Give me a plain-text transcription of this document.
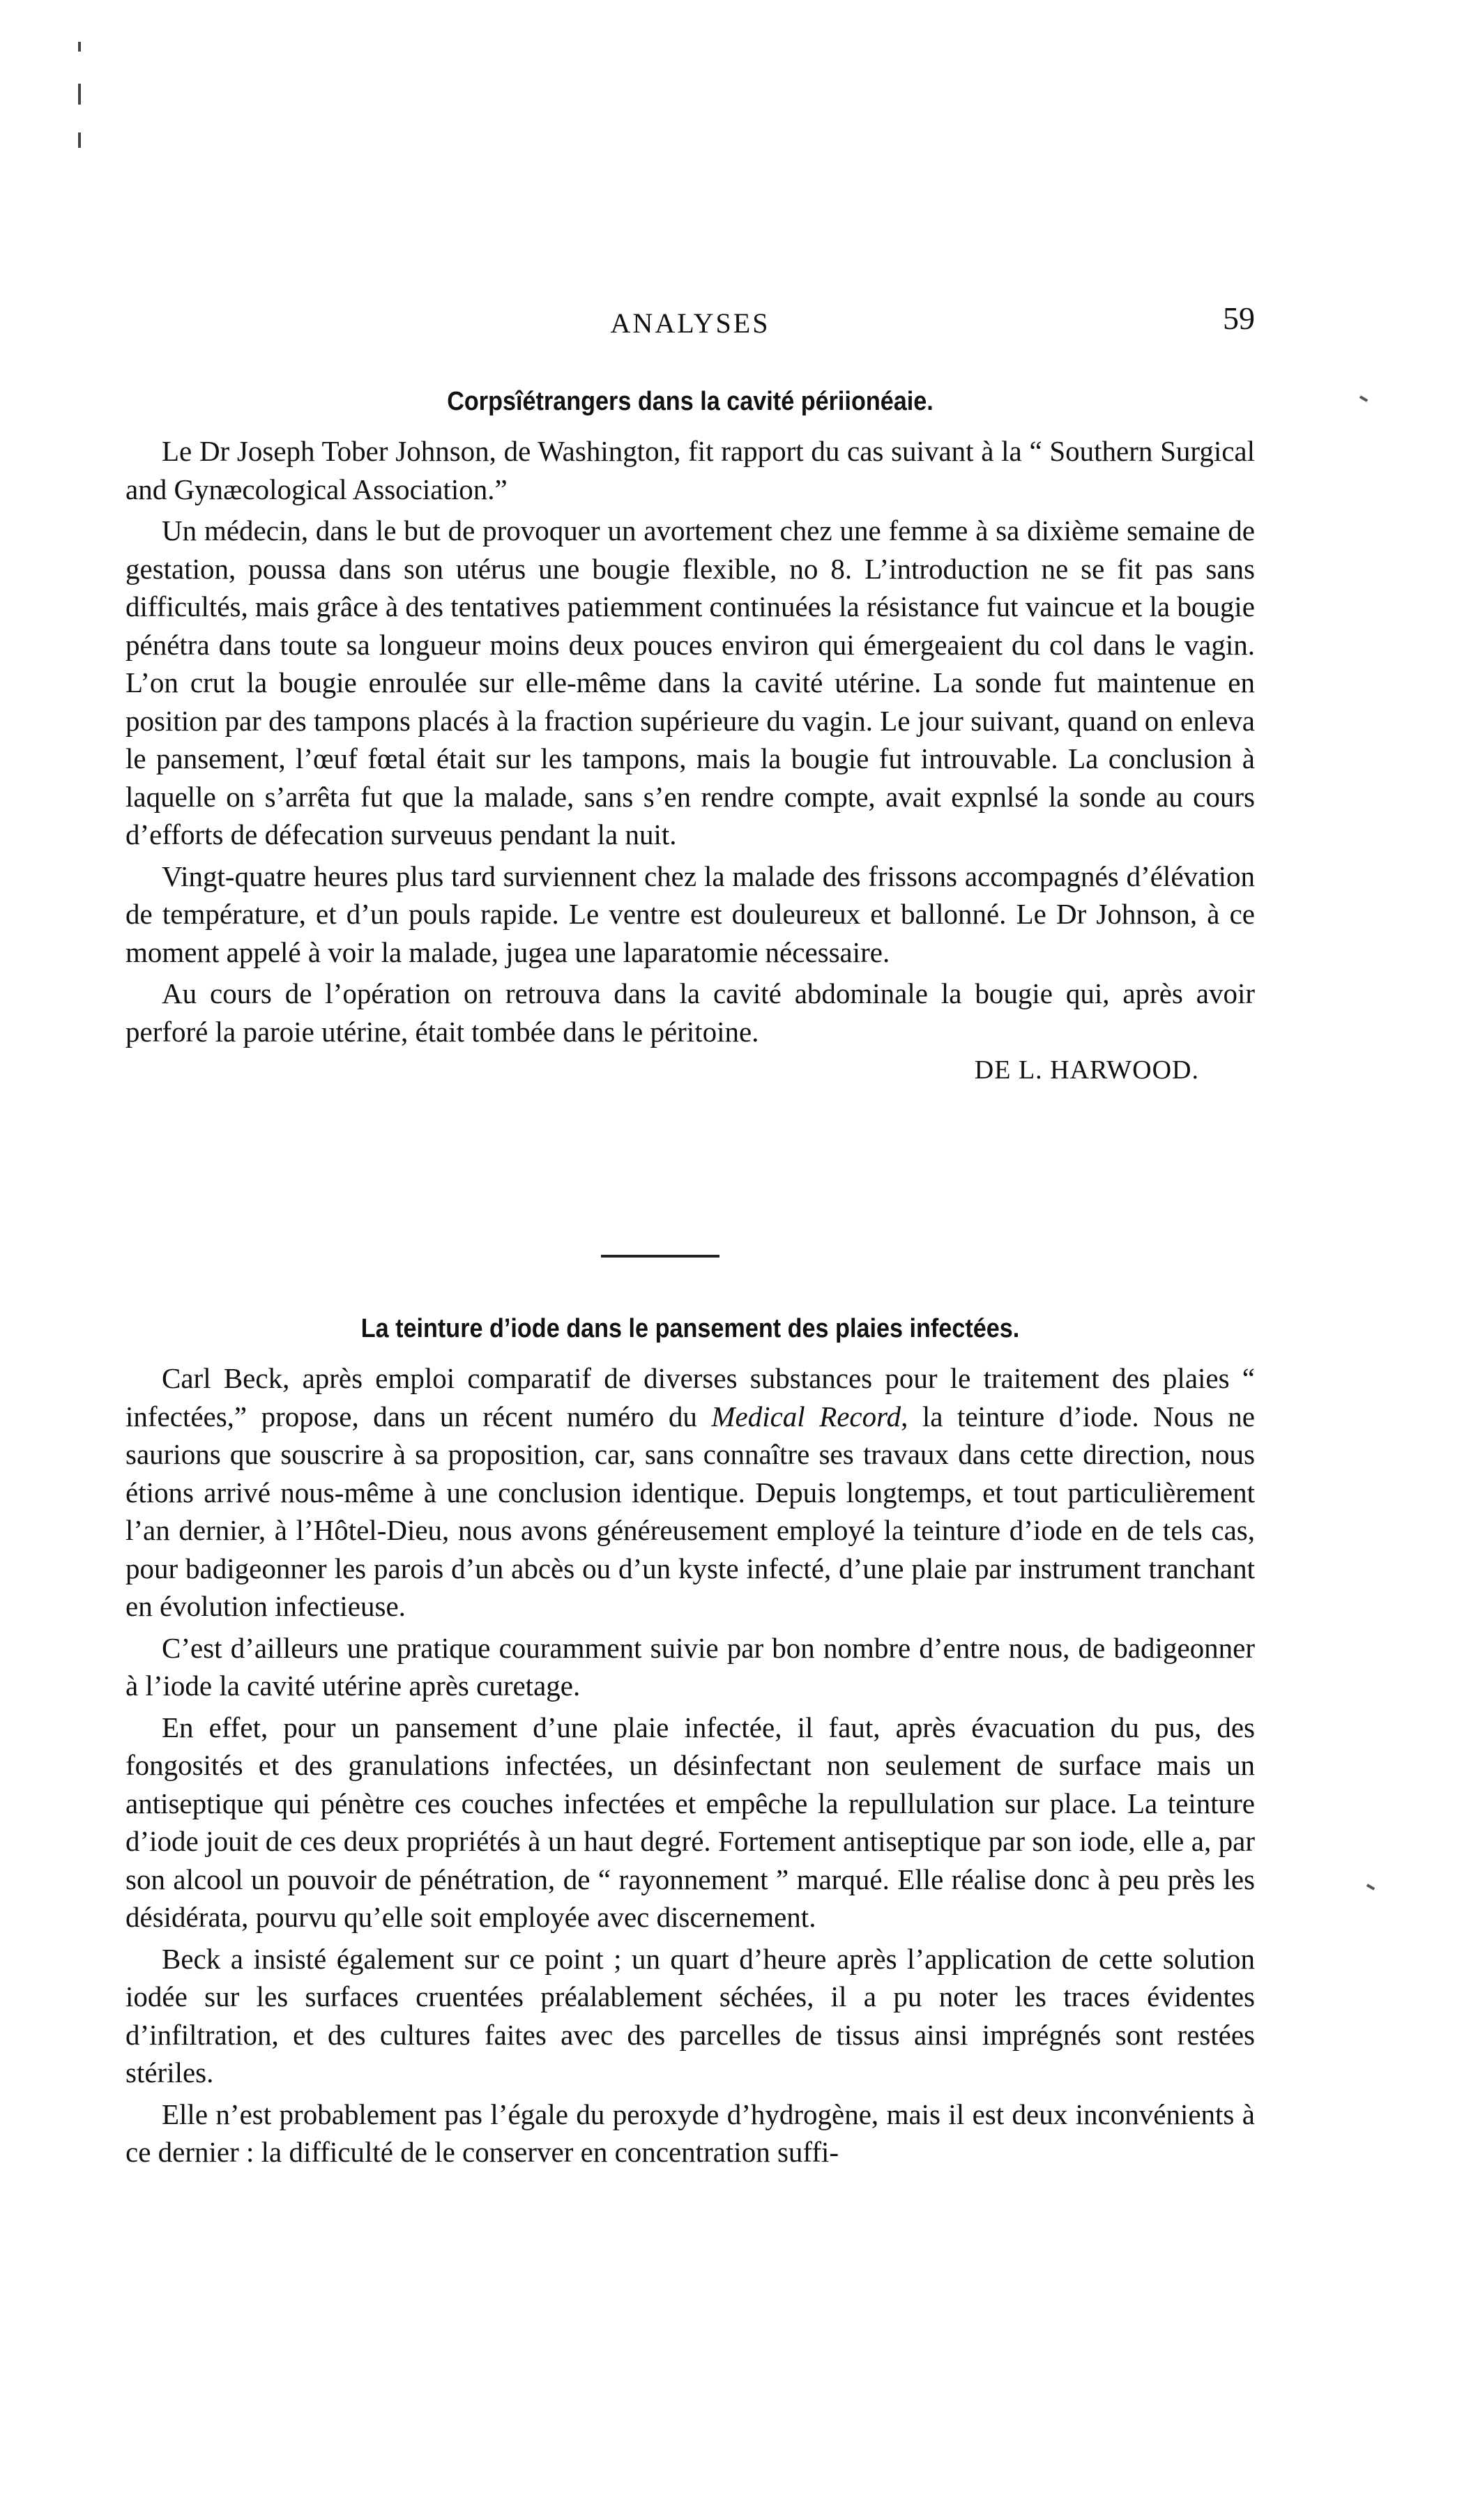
ANALYSES	59
Corpsîétrangers dans la cavité périionéaie.

Le Dr Joseph Tober Johnson, de Washington, fit rapport du cas suivant à la “ Southern Surgical and Gynæcological Association.”

Un médecin, dans le but de provoquer un avortement chez une femme à sa dixième semaine de gestation, poussa dans son utérus une bougie flexible, no 8. L’introduction ne se fit pas sans difficultés, mais grâce à des tentatives patiemment continuées la résistance fut vaincue et la bougie pénétra dans toute sa longueur moins deux pouces environ qui émergeaient du col dans le vagin. L’on crut la bougie enroulée sur elle-même dans la cavité utérine. La sonde fut maintenue en position par des tampons placés à la fraction supérieure du vagin. Le jour suivant, quand on enleva le pansement, l’œuf fœtal était sur les tampons, mais la bougie fut introuvable. La conclusion à laquelle on s’arrêta fut que la malade, sans s’en rendre compte, avait expnlsé la sonde au cours d’efforts de défecation surveuus pendant la nuit.

Vingt-quatre heures plus tard surviennent chez la malade des frissons accompagnés d’élévation de température, et d’un pouls rapide. Le ventre est douleureux et ballonné. Le Dr Johnson, à ce moment appelé à voir la malade, jugea une laparatomie nécessaire.

Au cours de l’opération on retrouva dans la cavité abdominale la bougie qui, après avoir perforé la paroie utérine, était tombée dans le péritoine.

DE L. HARWOOD.
La teinture d’iode dans le pansement des plaies infectées.

Carl Beck, après emploi comparatif de diverses substances pour le traitement des plaies “ infectées,” propose, dans un récent numéro du Medical Record, la teinture d’iode. Nous ne saurions que souscrire à sa proposition, car, sans connaître ses travaux dans cette direction, nous étions arrivé nous-même à une conclusion identique. Depuis longtemps, et tout particulièrement l’an dernier, à l’Hôtel-Dieu, nous avons généreusement employé la teinture d’iode en de tels cas, pour badigeonner les parois d’un abcès ou d’un kyste infecté, d’une plaie par instrument tranchant en évolution infectieuse.

C’est d’ailleurs une pratique couramment suivie par bon nombre d’entre nous, de badigeonner à l’iode la cavité utérine après curetage.

En effet, pour un pansement d’une plaie infectée, il faut, après évacuation du pus, des fongosités et des granulations infectées, un désinfectant non seulement de surface mais un antiseptique qui pénètre ces couches infectées et empêche la repullulation sur place. La teinture d’iode jouit de ces deux propriétés à un haut degré. Fortement antiseptique par son iode, elle a, par son alcool un pouvoir de pénétration, de “ rayonnement ” marqué. Elle réalise donc à peu près les désidérata, pourvu qu’elle soit employée avec discernement.

Beck a insisté également sur ce point ; un quart d’heure après l’application de cette solution iodée sur les surfaces cruentées préalablement séchées, il a pu noter les traces évidentes d’infiltration, et des cultures faites avec des parcelles de tissus ainsi imprégnés sont restées stériles.

Elle n’est probablement pas l’égale du peroxyde d’hydrogène, mais il est deux inconvénients à ce dernier : la difficulté de le conserver en concentration suffi-
